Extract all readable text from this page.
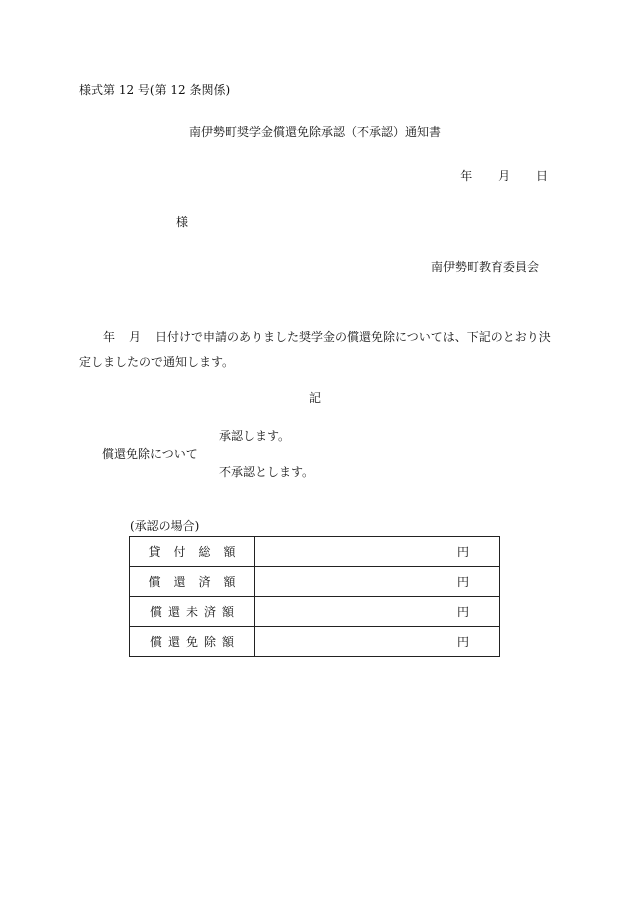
様式第 12 号(第 12 条関係)
南伊勢町奨学金償還免除承認（不承認）通知書
年 月 日
様
南伊勢町教育委員会
年 月 日付けで申請のありました奨学金の償還免除については、下記のとおり決定しましたので通知します。
記
承認します。
償還免除について
不承認とします。
(承認の場合)
貸付総額	円
償還済額	円
償還未済額	円
償還免除額	円
